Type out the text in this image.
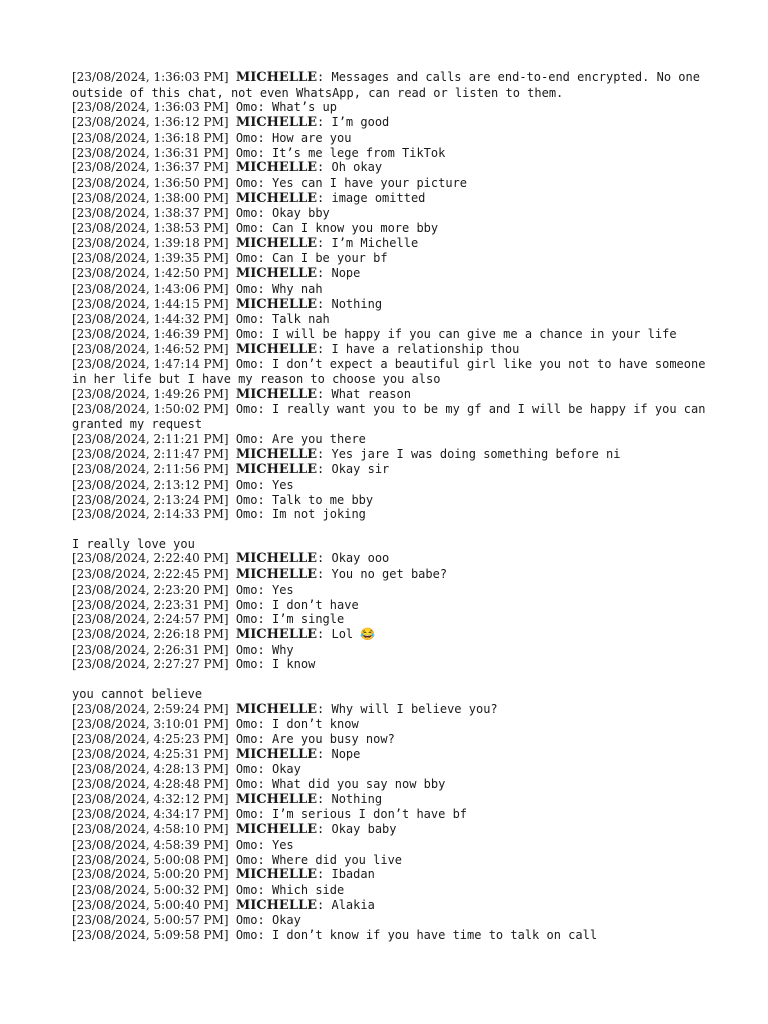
[23/08/2024, 1:36:03 PM] MICHELLE: Messages and calls are end-to-end encrypted. No one outside of this chat, not even WhatsApp, can read or listen to them.
[23/08/2024, 1:36:03 PM] Omo: What’s up
[23/08/2024, 1:36:12 PM] MICHELLE: I’m good
[23/08/2024, 1:36:18 PM] Omo: How are you
[23/08/2024, 1:36:31 PM] Omo: It’s me lege from TikTok
[23/08/2024, 1:36:37 PM] MICHELLE: Oh okay
[23/08/2024, 1:36:50 PM] Omo: Yes can I have your picture
[23/08/2024, 1:38:00 PM] MICHELLE: image omitted
[23/08/2024, 1:38:37 PM] Omo: Okay bby
[23/08/2024, 1:38:53 PM] Omo: Can I know you more bby
[23/08/2024, 1:39:18 PM] MICHELLE: I’m Michelle
[23/08/2024, 1:39:35 PM] Omo: Can I be your bf
[23/08/2024, 1:42:50 PM] MICHELLE: Nope
[23/08/2024, 1:43:06 PM] Omo: Why nah
[23/08/2024, 1:44:15 PM] MICHELLE: Nothing
[23/08/2024, 1:44:32 PM] Omo: Talk nah
[23/08/2024, 1:46:39 PM] Omo: I will be happy if you can give me a chance in your life
[23/08/2024, 1:46:52 PM] MICHELLE: I have a relationship thou
[23/08/2024, 1:47:14 PM] Omo: I don’t expect a beautiful girl like you not to have someone in her life but I have my reason to choose you also
[23/08/2024, 1:49:26 PM] MICHELLE: What reason
[23/08/2024, 1:50:02 PM] Omo: I really want you to be my gf and I will be happy if you can granted my request
[23/08/2024, 2:11:21 PM] Omo: Are you there
[23/08/2024, 2:11:47 PM] MICHELLE: Yes jare I was doing something before ni
[23/08/2024, 2:11:56 PM] MICHELLE: Okay sir
[23/08/2024, 2:13:12 PM] Omo: Yes
[23/08/2024, 2:13:24 PM] Omo: Talk to me bby
[23/08/2024, 2:14:33 PM] Omo: Im not joking
I really love you
[23/08/2024, 2:22:40 PM] MICHELLE: Okay ooo
[23/08/2024, 2:22:45 PM] MICHELLE: You no get babe?
[23/08/2024, 2:23:20 PM] Omo: Yes
[23/08/2024, 2:23:31 PM] Omo: I don’t have
[23/08/2024, 2:24:57 PM] Omo: I’m single
[23/08/2024, 2:26:18 PM] MICHELLE: Lol 😂
[23/08/2024, 2:26:31 PM] Omo: Why
[23/08/2024, 2:27:27 PM] Omo: I know
you cannot believe
[23/08/2024, 2:59:24 PM] MICHELLE: Why will I believe you?
[23/08/2024, 3:10:01 PM] Omo: I don’t know
[23/08/2024, 4:25:23 PM] Omo: Are you busy now?
[23/08/2024, 4:25:31 PM] MICHELLE: Nope
[23/08/2024, 4:28:13 PM] Omo: Okay
[23/08/2024, 4:28:48 PM] Omo: What did you say now bby
[23/08/2024, 4:32:12 PM] MICHELLE: Nothing
[23/08/2024, 4:34:17 PM] Omo: I’m serious I don’t have bf
[23/08/2024, 4:58:10 PM] MICHELLE: Okay baby
[23/08/2024, 4:58:39 PM] Omo: Yes
[23/08/2024, 5:00:08 PM] Omo: Where did you live
[23/08/2024, 5:00:20 PM] MICHELLE: Ibadan
[23/08/2024, 5:00:32 PM] Omo: Which side
[23/08/2024, 5:00:40 PM] MICHELLE: Alakia
[23/08/2024, 5:00:57 PM] Omo: Okay
[23/08/2024, 5:09:58 PM] Omo: I don’t know if you have time to talk on call
